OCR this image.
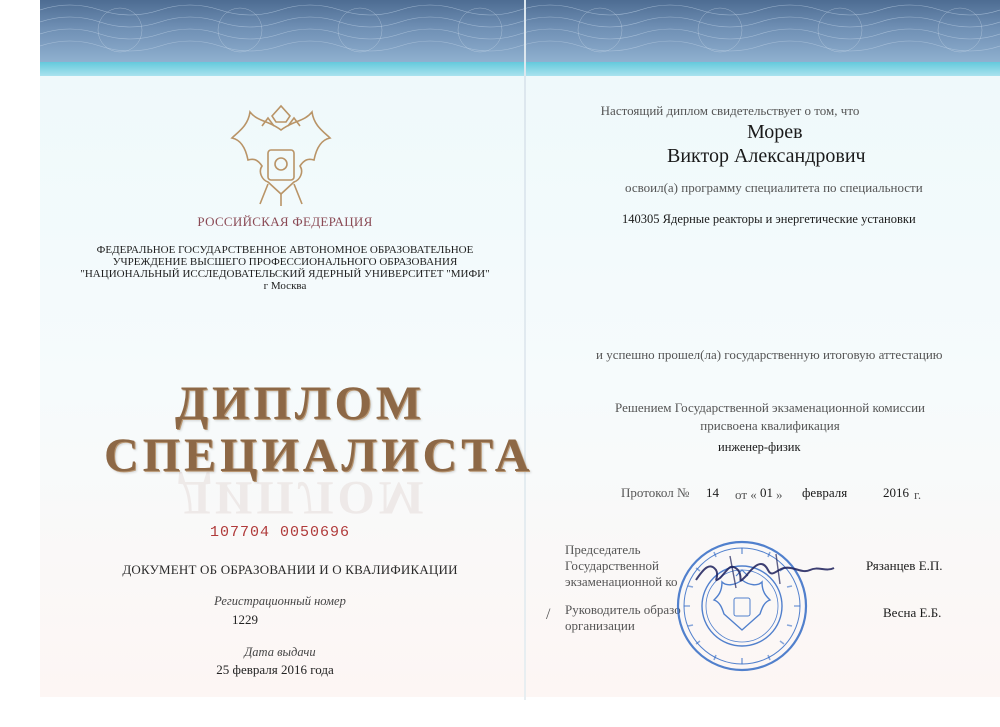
РОССИЙСКАЯ ФЕДЕРАЦИЯ
ФЕДЕРАЛЬНОЕ ГОСУДАРСТВЕННОЕ АВТОНОМНОЕ ОБРАЗОВАТЕЛЬНОЕ
УЧРЕЖДЕНИЕ ВЫСШЕГО ПРОФЕССИОНАЛЬНОГО ОБРАЗОВАНИЯ
"НАЦИОНАЛЬНЫЙ ИССЛЕДОВАТЕЛЬСКИЙ ЯДЕРНЫЙ УНИВЕРСИТЕТ "МИФИ"
г Москва
ДИПЛОМ
ДИПЛОМ
СПЕЦИАЛИСТА
107704 0050696
ДОКУМЕНТ ОБ ОБРАЗОВАНИИ И О КВАЛИФИКАЦИИ
Регистрационный номер
1229
Дата выдачи
25 февраля 2016 года
Настоящий диплом свидетельствует о том, что
Морев
Виктор Александрович
освоил(а) программу специалитета по специальности
140305 Ядерные реакторы и энергетические установки
и успешно прошел(ла) государственную итоговую аттестацию
Решением Государственной экзаменационной комиссии
присвоена квалификация
инженер-физик
Протокол № 14 от « 01 » февраля	2016 г.
Председатель
Государственной
экзаменационной ко
Рязанцев Е.П.
/ Руководитель образо
организации
Весна Е.Б.
